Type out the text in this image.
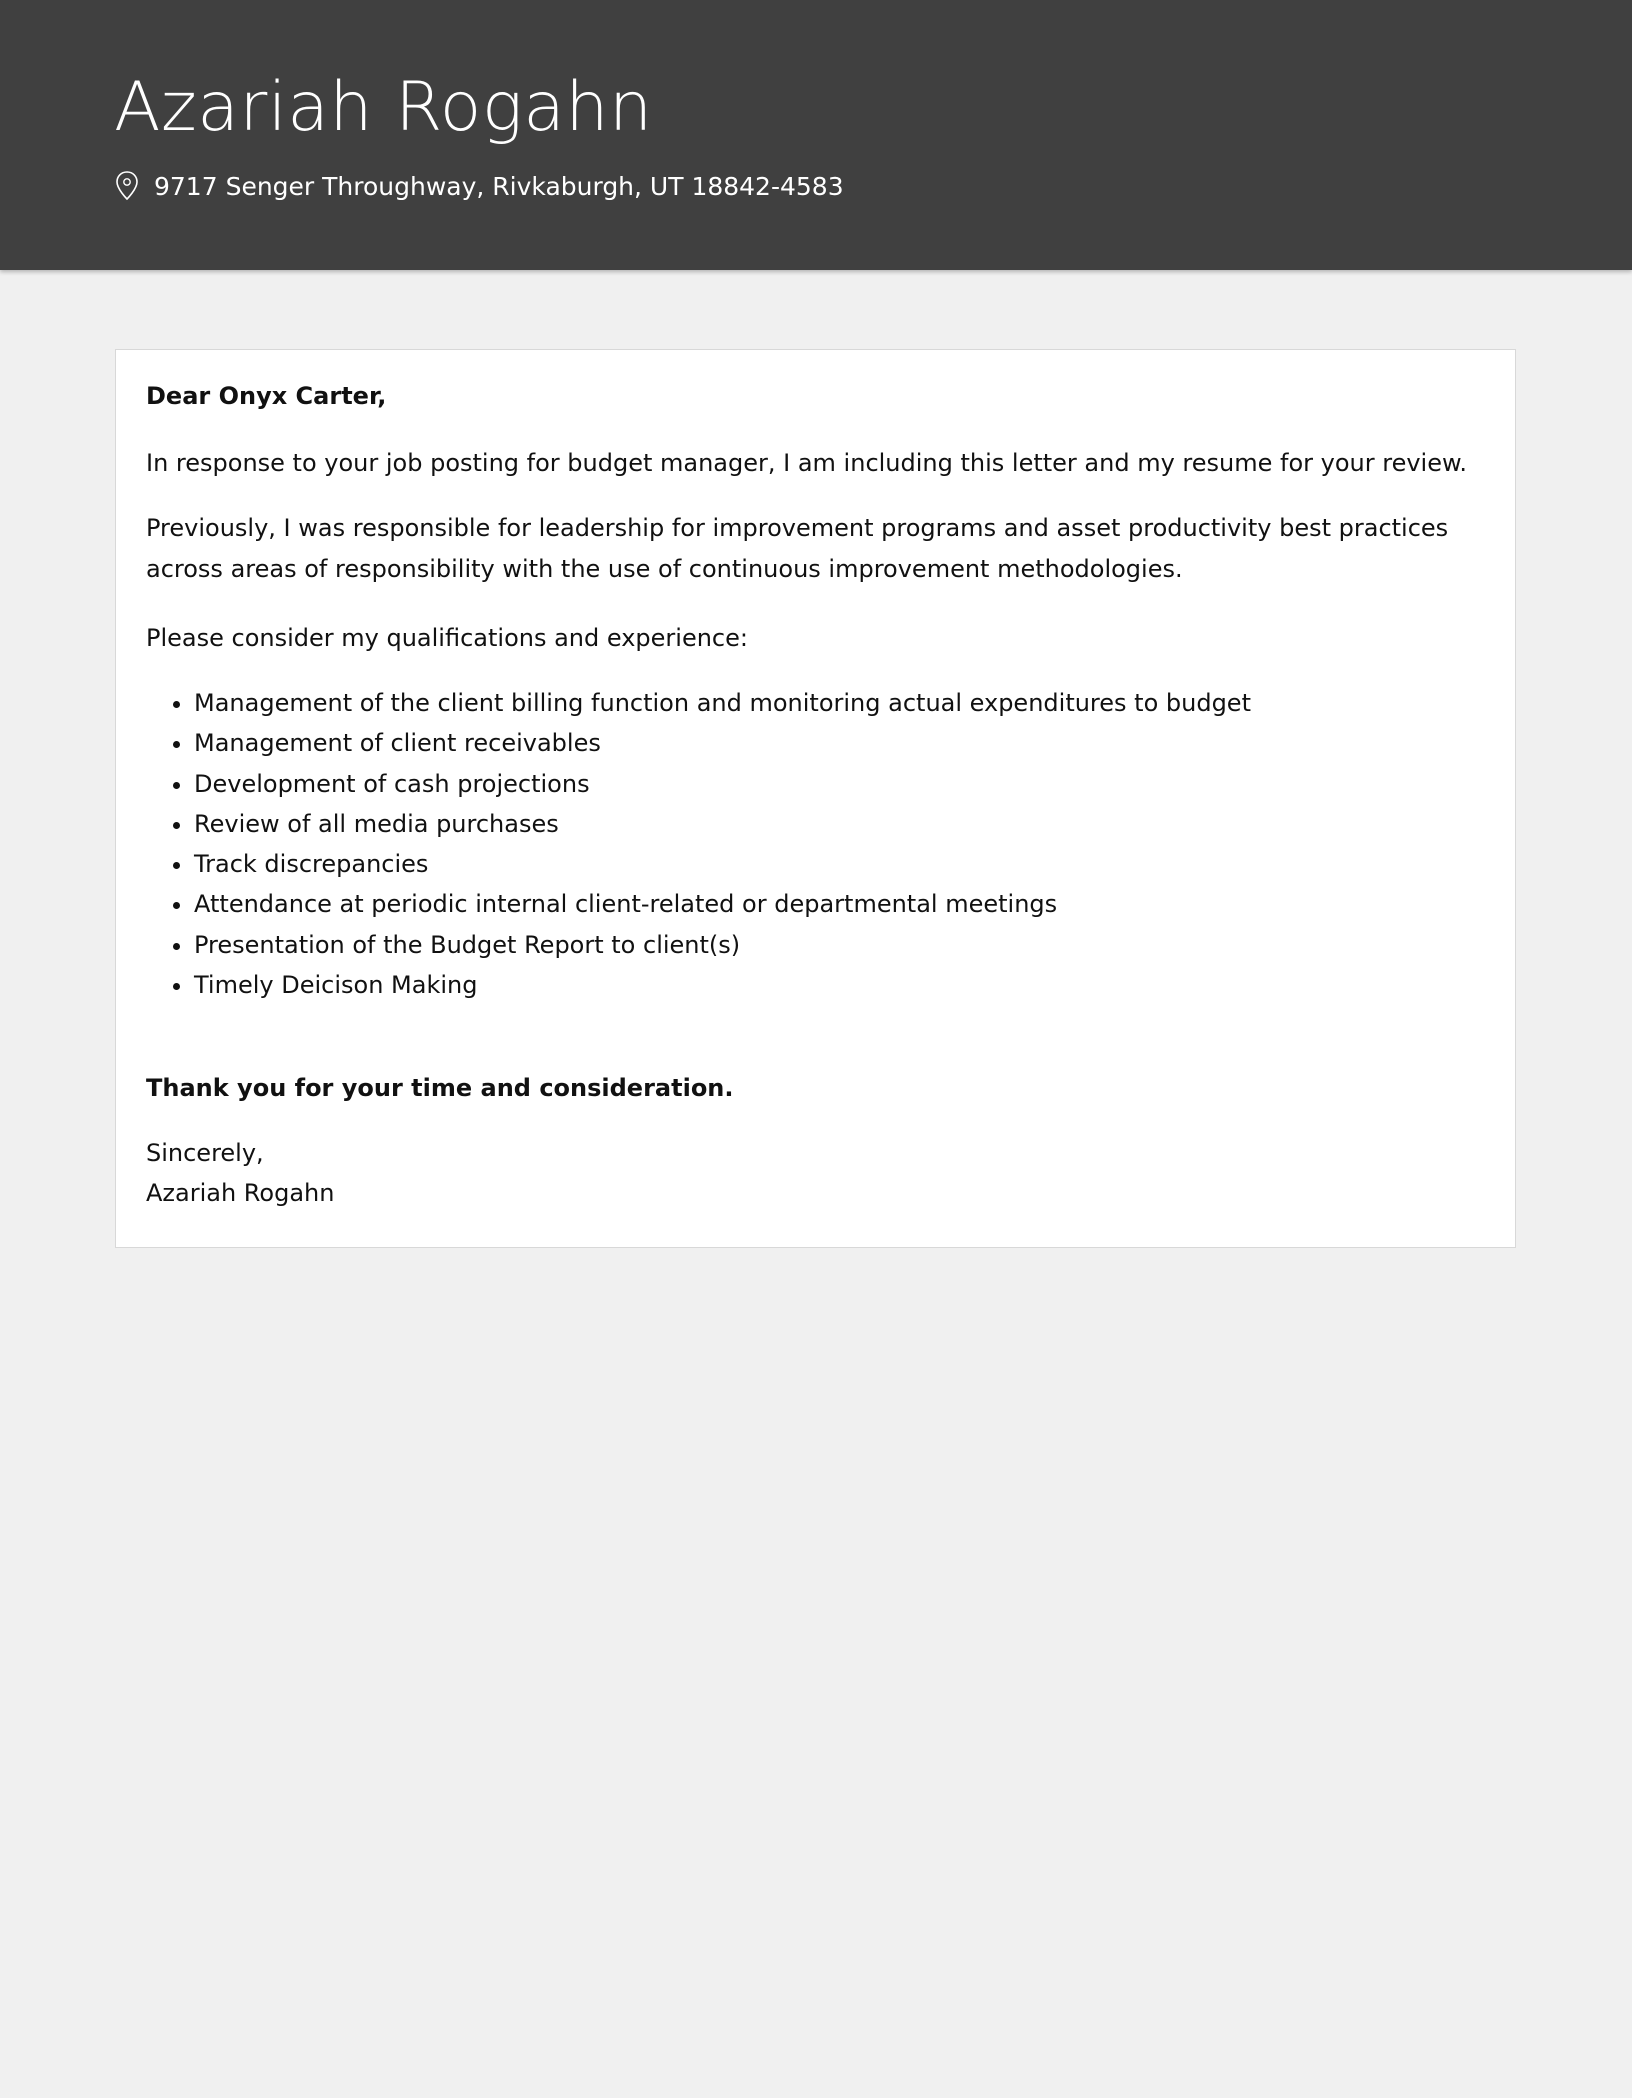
Azariah Rogahn
9717 Senger Throughway, Rivkaburgh, UT 18842-4583

Dear Onyx Carter,

In response to your job posting for budget manager, I am including this letter and my resume for your review.

Previously, I was responsible for leadership for improvement programs and asset productivity best practices across areas of responsibility with the use of continuous improvement methodologies.

Please consider my qualifications and experience:

• Management of the client billing function and monitoring actual expenditures to budget
• Management of client receivables
• Development of cash projections
• Review of all media purchases
• Track discrepancies
• Attendance at periodic internal client-related or departmental meetings
• Presentation of the Budget Report to client(s)
• Timely Deicison Making

Thank you for your time and consideration.

Sincerely,

Azariah Rogahn
